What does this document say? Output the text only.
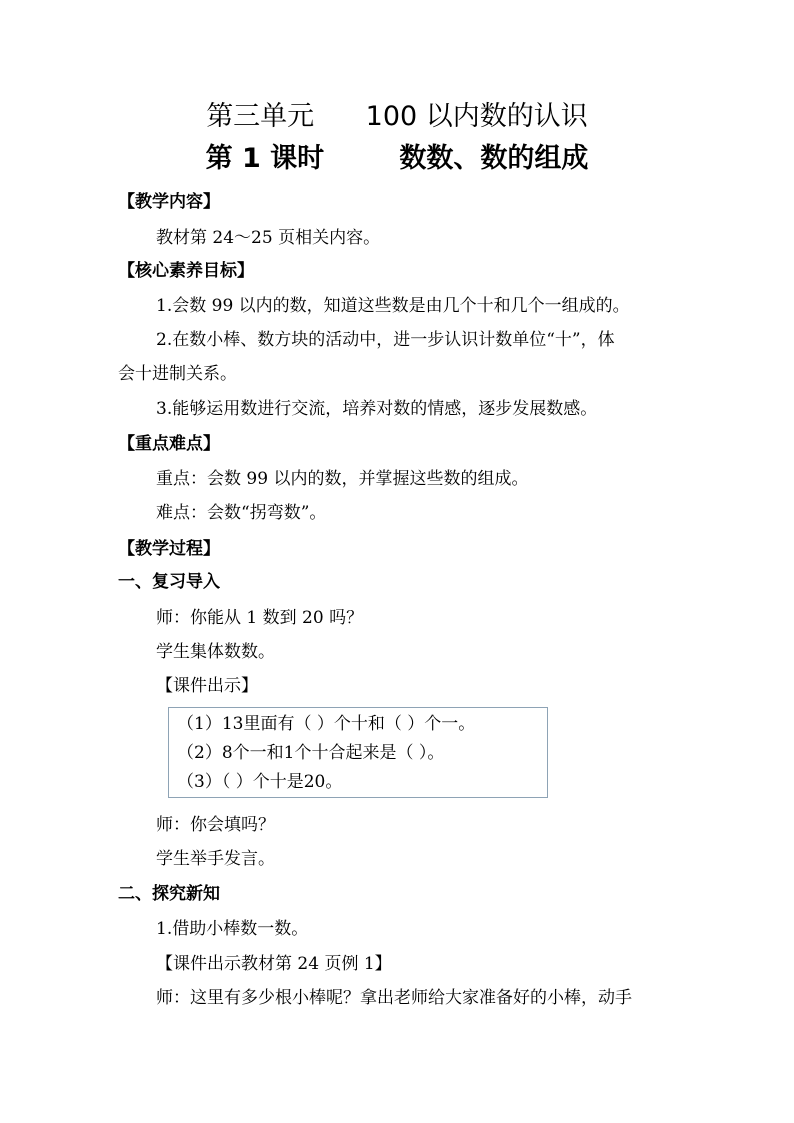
第三单元      100 以内数的认识
第 1 课时        数数、数的组成
【教学内容】
教材第 24～25 页相关内容。
【核心素养目标】
1.会数 99 以内的数，知道这些数是由几个十和几个一组成的。
2.在数小棒、数方块的活动中，进一步认识计数单位“十”，体
会十进制关系。
3.能够运用数进行交流，培养对数的情感，逐步发展数感。
【重点难点】
重点：会数 99 以内的数，并掌握这些数的组成。
难点：会数“拐弯数”。
【教学过程】
一、复习导入
师：你能从 1 数到 20 吗？
学生集体数数。
【课件出示】
（1）13里面有（ ）个十和（ ）个一。
（2）8个一和1个十合起来是（ ）。
（3）（ ）个十是20。
师：你会填吗？
学生举手发言。
二、探究新知
1.借助小棒数一数。
【课件出示教材第 24 页例 1】
师：这里有多少根小棒呢？拿出老师给大家准备好的小棒，动手
